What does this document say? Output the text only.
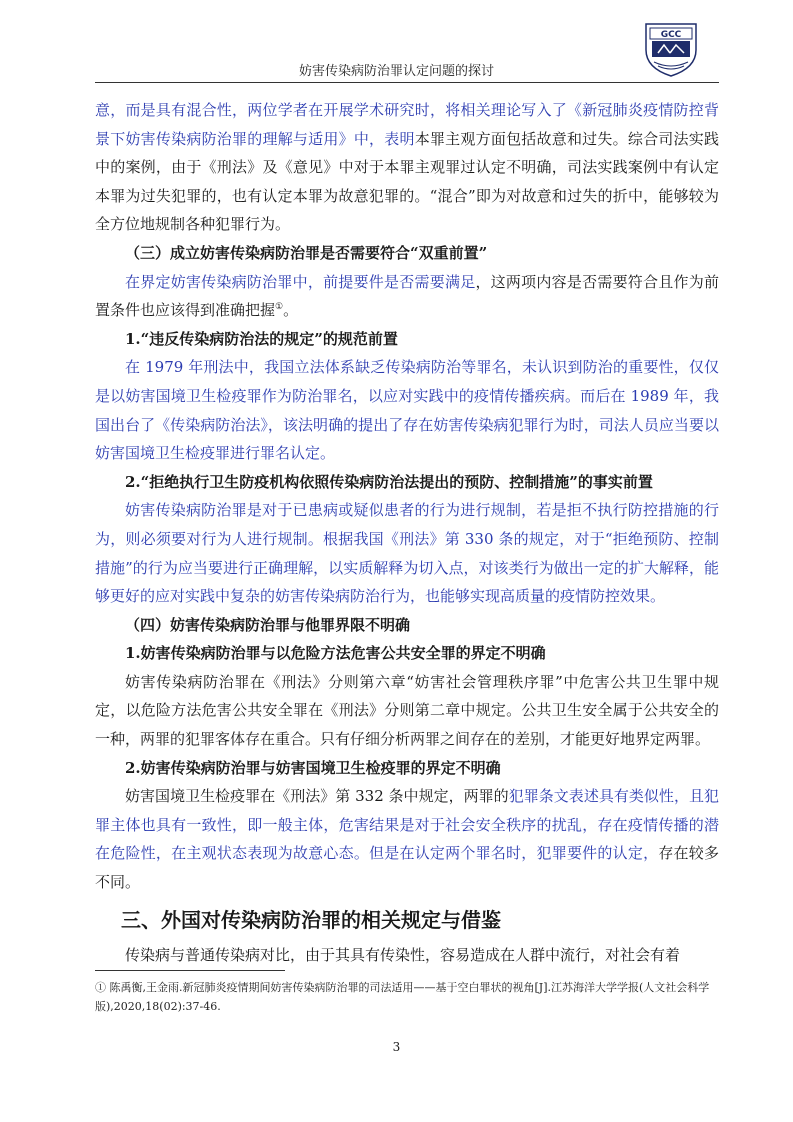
GCC
妨害传染病防治罪认定问题的探讨

意，而是具有混合性，两位学者在开展学术研究时，将相关理论写入了《新冠肺炎疫情防控背景下妨害传染病防治罪的理解与适用》中，表明本罪主观方面包括故意和过失。综合司法实践中的案例，由于《刑法》及《意见》中对于本罪主观罪过认定不明确，司法实践案例中有认定本罪为过失犯罪的，也有认定本罪为故意犯罪的。“混合”即为对故意和过失的折中，能够较为全方位地规制各种犯罪行为。

（三）成立妨害传染病防治罪是否需要符合“双重前置”

在界定妨害传染病防治罪中，前提要件是否需要满足，这两项内容是否需要符合且作为前置条件也应该得到准确把握①。

1.“违反传染病防治法的规定”的规范前置

在 1979 年刑法中，我国立法体系缺乏传染病防治等罪名，未认识到防治的重要性，仅仅是以妨害国境卫生检疫罪作为防治罪名，以应对实践中的疫情传播疾病。而后在 1989 年，我国出台了《传染病防治法》，该法明确的提出了存在妨害传染病犯罪行为时，司法人员应当要以妨害国境卫生检疫罪进行罪名认定。

2.“拒绝执行卫生防疫机构依照传染病防治法提出的预防、控制措施”的事实前置

妨害传染病防治罪是对于已患病或疑似患者的行为进行规制，若是拒不执行防控措施的行为，则必须要对行为人进行规制。根据我国《刑法》第 330 条的规定，对于“拒绝预防、控制措施”的行为应当要进行正确理解，以实质解释为切入点，对该类行为做出一定的扩大解释，能够更好的应对实践中复杂的妨害传染病防治行为，也能够实现高质量的疫情防控效果。

（四）妨害传染病防治罪与他罪界限不明确

1.妨害传染病防治罪与以危险方法危害公共安全罪的界定不明确

妨害传染病防治罪在《刑法》分则第六章“妨害社会管理秩序罪”中危害公共卫生罪中规定，以危险方法危害公共安全罪在《刑法》分则第二章中规定。公共卫生安全属于公共安全的一种，两罪的犯罪客体存在重合。只有仔细分析两罪之间存在的差别，才能更好地界定两罪。

2.妨害传染病防治罪与妨害国境卫生检疫罪的界定不明确

妨害国境卫生检疫罪在《刑法》第 332 条中规定，两罪的犯罪条文表述具有类似性，且犯罪主体也具有一致性，即一般主体，危害结果是对于社会安全秩序的扰乱，存在疫情传播的潜在危险性，在主观状态表现为故意心态。但是在认定两个罪名时，犯罪要件的认定，存在较多不同。

三、外国对传染病防治罪的相关规定与借鉴

传染病与普通传染病对比，由于其具有传染性，容易造成在人群中流行，对社会有着

① 陈禹衡,王金雨.新冠肺炎疫情期间妨害传染病防治罪的司法适用——基于空白罪状的视角[J].江苏海洋大学学报(人文社会科学版),2020,18(02):37-46.
3
